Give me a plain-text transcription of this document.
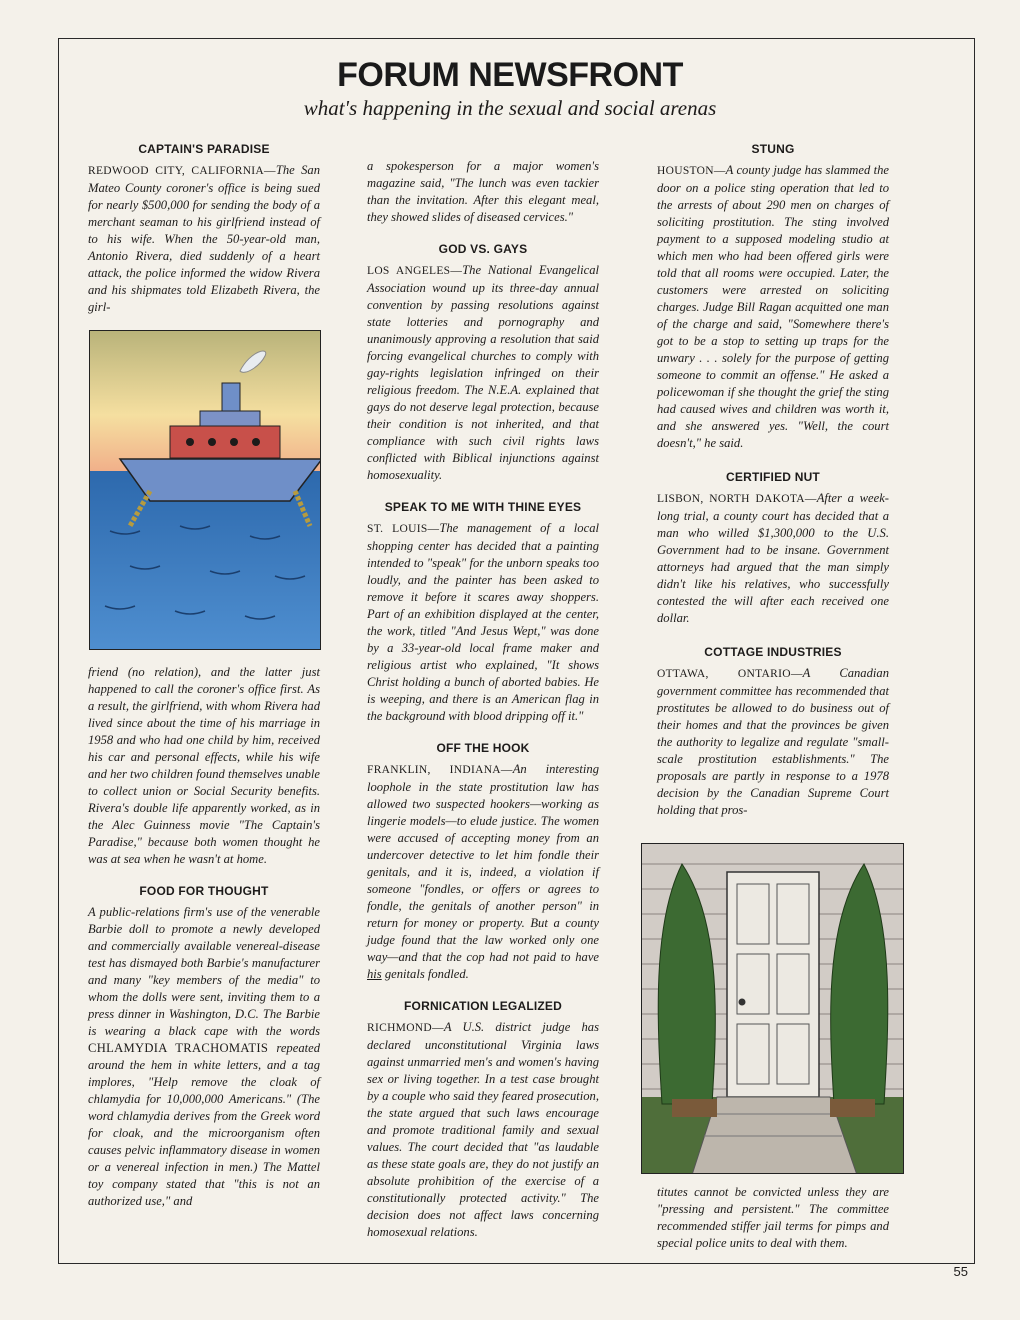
FORUM NEWSFRONT
what's happening in the sexual and social arenas

CAPTAIN'S PARADISE

REDWOOD CITY, CALIFORNIA—The San Mateo County coroner's office is being sued for nearly $500,000 for sending the body of a merchant seaman to his girlfriend instead of to his wife. When the 50-year-old man, Antonio Rivera, died suddenly of a heart attack, the police informed the widow Rivera and his shipmates told Elizabeth Rivera, the girl-

friend (no relation), and the latter just happened to call the coroner's office first. As a result, the girlfriend, with whom Rivera had lived since about the time of his marriage in 1958 and who had one child by him, received his car and personal effects, while his wife and her two children found themselves unable to collect union or Social Security benefits. Rivera's double life apparently worked, as in the Alec Guinness movie "The Captain's Paradise," because both women thought he was at sea when he wasn't at home.

FOOD FOR THOUGHT

A public-relations firm's use of the venerable Barbie doll to promote a newly developed and commercially available venereal-disease test has dismayed both Barbie's manufacturer and many "key members of the media" to whom the dolls were sent, inviting them to a press dinner in Washington, D.C. The Barbie is wearing a black cape with the words CHLAMYDIA TRACHOMATIS repeated around the hem in white letters, and a tag implores, "Help remove the cloak of chlamydia for 10,000,000 Americans." (The word chlamydia derives from the Greek word for cloak, and the microorganism often causes pelvic inflammatory disease in women or a venereal infection in men.) The Mattel toy company stated that "this is not an authorized use," and

a spokesperson for a major women's magazine said, "The lunch was even tackier than the invitation. After this elegant meal, they showed slides of diseased cervices."

GOD VS. GAYS

LOS ANGELES—The National Evangelical Association wound up its three-day annual convention by passing resolutions against state lotteries and pornography and unanimously approving a resolution that said forcing evangelical churches to comply with gay-rights legislation infringed on their religious freedom. The N.E.A. explained that gays do not deserve legal protection, because their condition is not inherited, and that compliance with such civil rights laws conflicted with Biblical injunctions against homosexuality.

SPEAK TO ME WITH THINE EYES

ST. LOUIS—The management of a local shopping center has decided that a painting intended to "speak" for the unborn speaks too loudly, and the painter has been asked to remove it before it scares away shoppers. Part of an exhibition displayed at the center, the work, titled "And Jesus Wept," was done by a 33-year-old local frame maker and religious artist who explained, "It shows Christ holding a bunch of aborted babies. He is weeping, and there is an American flag in the background with blood dripping off it."

OFF THE HOOK

FRANKLIN, INDIANA—An interesting loophole in the state prostitution law has allowed two suspected hookers—working as lingerie models—to elude justice. The women were accused of accepting money from an undercover detective to let him fondle their genitals, and it is, indeed, a violation if someone "fondles, or offers or agrees to fondle, the genitals of another person" in return for money or property. But a county judge found that the law worked only one way—and that the cop had not paid to have his genitals fondled.

FORNICATION LEGALIZED

RICHMOND—A U.S. district judge has declared unconstitutional Virginia laws against unmarried men's and women's having sex or living together. In a test case brought by a couple who said they feared prosecution, the state argued that such laws encourage and promote traditional family and sexual values. The court decided that "as laudable as these state goals are, they do not justify an absolute prohibition of the exercise of a constitutionally protected activity." The decision does not affect laws concerning homosexual relations.

STUNG

HOUSTON—A county judge has slammed the door on a police sting operation that led to the arrests of about 290 men on charges of soliciting prostitution. The sting involved payment to a supposed modeling studio at which men who had been offered girls were told that all rooms were occupied. Later, the customers were arrested on soliciting charges. Judge Bill Ragan acquitted one man of the charge and said, "Somewhere there's got to be a stop to setting up traps for the unwary . . . solely for the purpose of getting someone to commit an offense." He asked a policewoman if she thought the grief the sting had caused wives and children was worth it, and she answered yes. "Well, the court doesn't," he said.

CERTIFIED NUT

LISBON, NORTH DAKOTA—After a week-long trial, a county court has decided that a man who willed $1,300,000 to the U.S. Government had to be insane. Government attorneys had argued that the man simply didn't like his relatives, who successfully contested the will after each received one dollar.

COTTAGE INDUSTRIES

OTTAWA, ONTARIO—A Canadian government committee has recommended that prostitutes be allowed to do business out of their homes and that the provinces be given the authority to legalize and regulate "small-scale prostitution establishments." The proposals are partly in response to a 1978 decision by the Canadian Supreme Court holding that pros-

titutes cannot be convicted unless they are "pressing and persistent." The committee recommended stiffer jail terms for pimps and special police units to deal with them.

55
